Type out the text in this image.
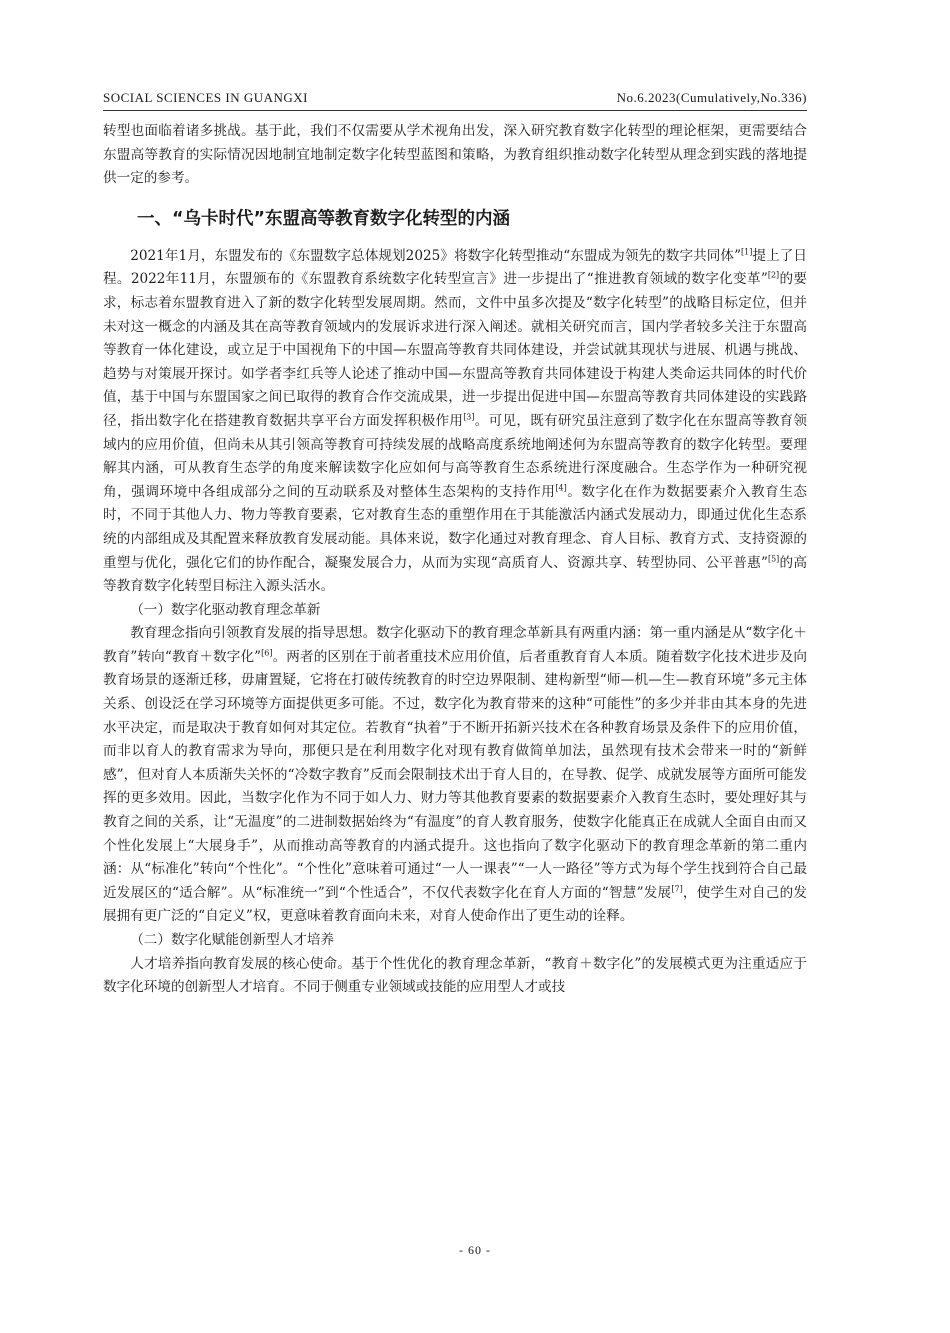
SOCIAL SCIENCES IN GUANGXI	No.6.2023(Cumulatively,No.336)

转型也面临着诸多挑战。基于此，我们不仅需要从学术视角出发，深入研究教育数字化转型的理论框架，更需要结合东盟高等教育的实际情况因地制宜地制定数字化转型蓝图和策略，为教育组织推动数字化转型从理念到实践的落地提供一定的参考。

一、“乌卡时代”东盟高等教育数字化转型的内涵

2021年1月，东盟发布的《东盟数字总体规划2025》将数字化转型推动“东盟成为领先的数字共同体”[1]提上了日程。2022年11月，东盟颁布的《东盟教育系统数字化转型宣言》进一步提出了“推进教育领域的数字化变革”[2]的要求，标志着东盟教育进入了新的数字化转型发展周期。然而，文件中虽多次提及“数字化转型”的战略目标定位，但并未对这一概念的内涵及其在高等教育领域内的发展诉求进行深入阐述。就相关研究而言，国内学者较多关注于东盟高等教育一体化建设，或立足于中国视角下的中国—东盟高等教育共同体建设，并尝试就其现状与进展、机遇与挑战、趋势与对策展开探讨。如学者李红兵等人论述了推动中国—东盟高等教育共同体建设于构建人类命运共同体的时代价值，基于中国与东盟国家之间已取得的教育合作交流成果，进一步提出促进中国—东盟高等教育共同体建设的实践路径，指出数字化在搭建教育数据共享平台方面发挥积极作用[3]。可见，既有研究虽注意到了数字化在东盟高等教育领域内的应用价值，但尚未从其引领高等教育可持续发展的战略高度系统地阐述何为东盟高等教育的数字化转型。要理解其内涵，可从教育生态学的角度来解读数字化应如何与高等教育生态系统进行深度融合。生态学作为一种研究视角，强调环境中各组成部分之间的互动联系及对整体生态架构的支持作用[4]。数字化在作为数据要素介入教育生态时，不同于其他人力、物力等教育要素，它对教育生态的重塑作用在于其能激活内涵式发展动力，即通过优化生态系统的内部组成及其配置来释放教育发展动能。具体来说，数字化通过对教育理念、育人目标、教育方式、支持资源的重塑与优化，强化它们的协作配合，凝聚发展合力，从而为实现“高质育人、资源共享、转型协同、公平普惠”[5]的高等教育数字化转型目标注入源头活水。

（一）数字化驱动教育理念革新

教育理念指向引领教育发展的指导思想。数字化驱动下的教育理念革新具有两重内涵：第一重内涵是从“数字化＋教育”转向“教育＋数字化”[6]。两者的区别在于前者重技术应用价值，后者重教育育人本质。随着数字化技术进步及向教育场景的逐渐迁移，毋庸置疑，它将在打破传统教育的时空边界限制、建构新型“师—机—生—教育环境”多元主体关系、创设泛在学习环境等方面提供更多可能。不过，数字化为教育带来的这种“可能性”的多少并非由其本身的先进水平决定，而是取决于教育如何对其定位。若教育“执着”于不断开拓新兴技术在各种教育场景及条件下的应用价值，而非以育人的教育需求为导向，那便只是在利用数字化对现有教育做简单加法，虽然现有技术会带来一时的“新鲜感”，但对育人本质渐失关怀的“冷数字教育”反而会限制技术出于育人目的，在导教、促学、成就发展等方面所可能发挥的更多效用。因此，当数字化作为不同于如人力、财力等其他教育要素的数据要素介入教育生态时，要处理好其与教育之间的关系，让“无温度”的二进制数据始终为“有温度”的育人教育服务，使数字化能真正在成就人全面自由而又个性化发展上“大展身手”，从而推动高等教育的内涵式提升。这也指向了数字化驱动下的教育理念革新的第二重内涵：从“标准化”转向“个性化”。“个性化”意味着可通过“一人一课表”“一人一路径”等方式为每个学生找到符合自己最近发展区的“适合解”。从“标准统一”到“个性适合”，不仅代表数字化在育人方面的“智慧”发展[7]，使学生对自己的发展拥有更广泛的“自定义”权，更意味着教育面向未来，对育人使命作出了更生动的诠释。

（二）数字化赋能创新型人才培养

人才培养指向教育发展的核心使命。基于个性优化的教育理念革新，“教育＋数字化”的发展模式更为注重适应于数字化环境的创新型人才培育。不同于侧重专业领域或技能的应用型人才或技

- 60 -
